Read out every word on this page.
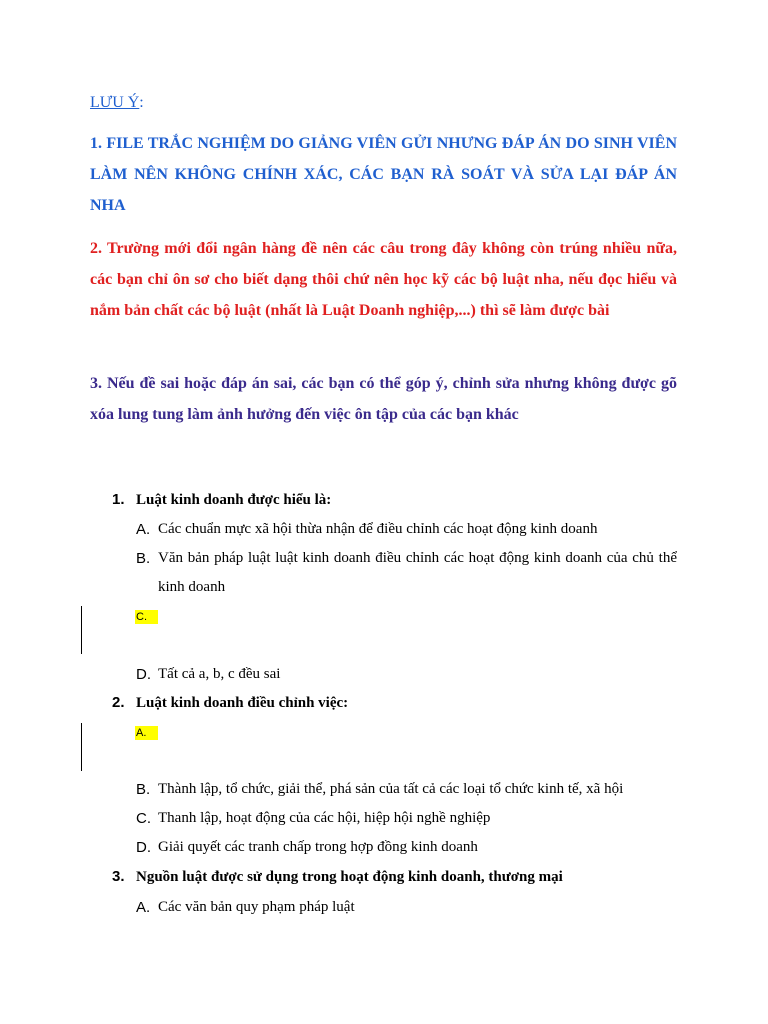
LƯU Ý:
1. FILE TRẮC NGHIỆM DO GIẢNG VIÊN GỬI NHƯNG ĐÁP ÁN DO SINH VIÊN LÀM NÊN KHÔNG CHÍNH XÁC, CÁC BẠN RÀ SOÁT VÀ SỬA LẠI ĐÁP ÁN NHA
2. Trường mới đổi ngân hàng đề nên các câu trong đây không còn trúng nhiều nữa, các bạn chỉ ôn sơ cho biết dạng thôi chứ nên học kỹ các bộ luật nha, nếu đọc hiểu và nắm bản chất các bộ luật (nhất là Luật Doanh nghiệp,...) thì sẽ làm được bài
3. Nếu đề sai hoặc đáp án sai, các bạn có thể góp ý, chỉnh sửa nhưng không được gõ xóa lung tung làm ảnh hưởng đến việc ôn tập của các bạn khác
1. Luật kinh doanh được hiểu là:
A. Các chuẩn mực xã hội thừa nhận để điều chỉnh các hoạt động kinh doanh
B. Văn bản pháp luật luật kinh doanh điều chỉnh các hoạt động kinh doanh của chủ thể kinh doanh
C.
D. Tất cả a, b, c đều sai
2. Luật kinh doanh điều chỉnh việc:
A.
B. Thành lập, tổ chức, giải thể, phá sản của tất cả các loại tổ chức kinh tế, xã hội
C. Thanh lập, hoạt động của các hội, hiệp hội nghề nghiệp
D. Giải quyết các tranh chấp trong hợp đồng kinh doanh
3. Nguồn luật được sử dụng trong hoạt động kinh doanh, thương mại
A. Các văn bản quy phạm pháp luật
